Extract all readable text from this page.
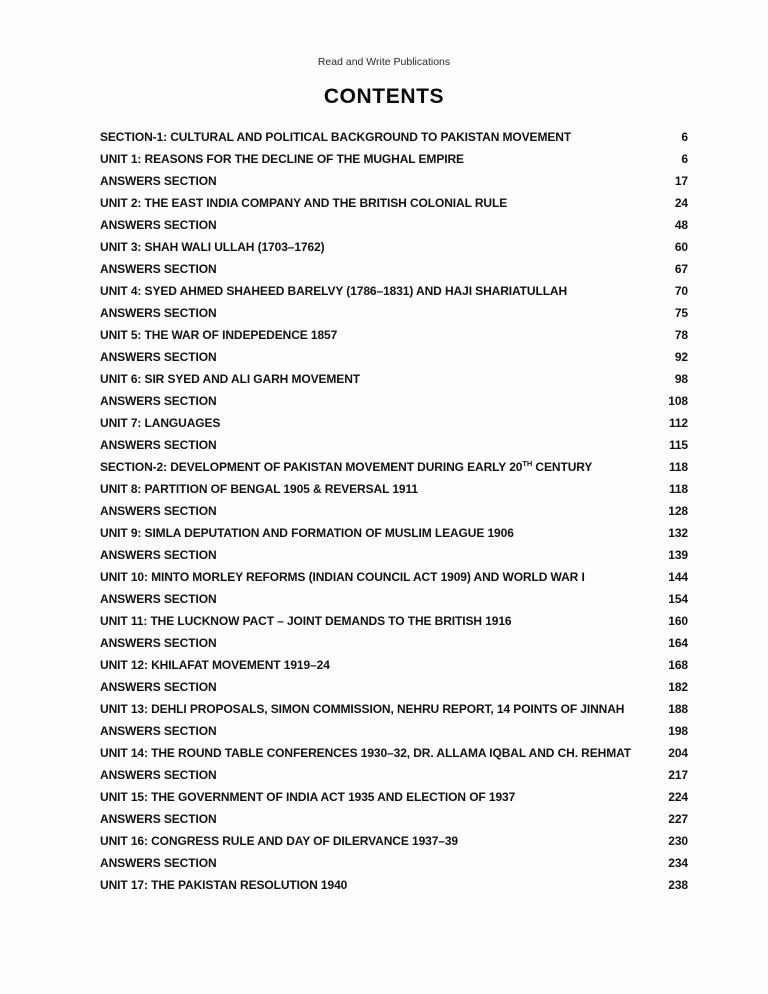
Read and Write Publications
CONTENTS
SECTION-1: CULTURAL AND POLITICAL BACKGROUND TO PAKISTAN MOVEMENT	6
UNIT 1: REASONS FOR THE DECLINE OF THE MUGHAL EMPIRE	6
ANSWERS SECTION	17
UNIT 2: THE EAST INDIA COMPANY AND THE BRITISH COLONIAL RULE	24
ANSWERS SECTION	48
UNIT 3: SHAH WALI ULLAH (1703–1762)	60
ANSWERS SECTION	67
UNIT 4: SYED AHMED SHAHEED BARELVY (1786–1831) AND HAJI SHARIATULLAH	70
ANSWERS SECTION	75
UNIT 5: THE WAR OF INDEPEDENCE 1857	78
ANSWERS SECTION	92
UNIT 6: SIR SYED AND ALI GARH MOVEMENT	98
ANSWERS SECTION	108
UNIT 7: LANGUAGES	112
ANSWERS SECTION	115
SECTION-2: DEVELOPMENT OF PAKISTAN MOVEMENT DURING EARLY 20TH CENTURY	118
UNIT 8: PARTITION OF BENGAL 1905 & REVERSAL 1911	118
ANSWERS SECTION	128
UNIT 9: SIMLA DEPUTATION AND FORMATION OF MUSLIM LEAGUE 1906	132
ANSWERS SECTION	139
UNIT 10: MINTO MORLEY REFORMS (INDIAN COUNCIL ACT 1909) AND WORLD WAR I	144
ANSWERS SECTION	154
UNIT 11: THE LUCKNOW PACT – JOINT DEMANDS TO THE BRITISH 1916	160
ANSWERS SECTION	164
UNIT 12: KHILAFAT MOVEMENT 1919–24	168
ANSWERS SECTION	182
UNIT 13: DEHLI PROPOSALS, SIMON COMMISSION, NEHRU REPORT, 14 POINTS OF JINNAH	188
ANSWERS SECTION	198
UNIT 14: THE ROUND TABLE CONFERENCES 1930–32, DR. ALLAMA IQBAL AND CH. REHMAT	204
ANSWERS SECTION	217
UNIT 15: THE GOVERNMENT OF INDIA ACT 1935 AND ELECTION OF 1937	224
ANSWERS SECTION	227
UNIT 16: CONGRESS RULE AND DAY OF DILERVANCE 1937–39	230
ANSWERS SECTION	234
UNIT 17: THE PAKISTAN RESOLUTION 1940	238
